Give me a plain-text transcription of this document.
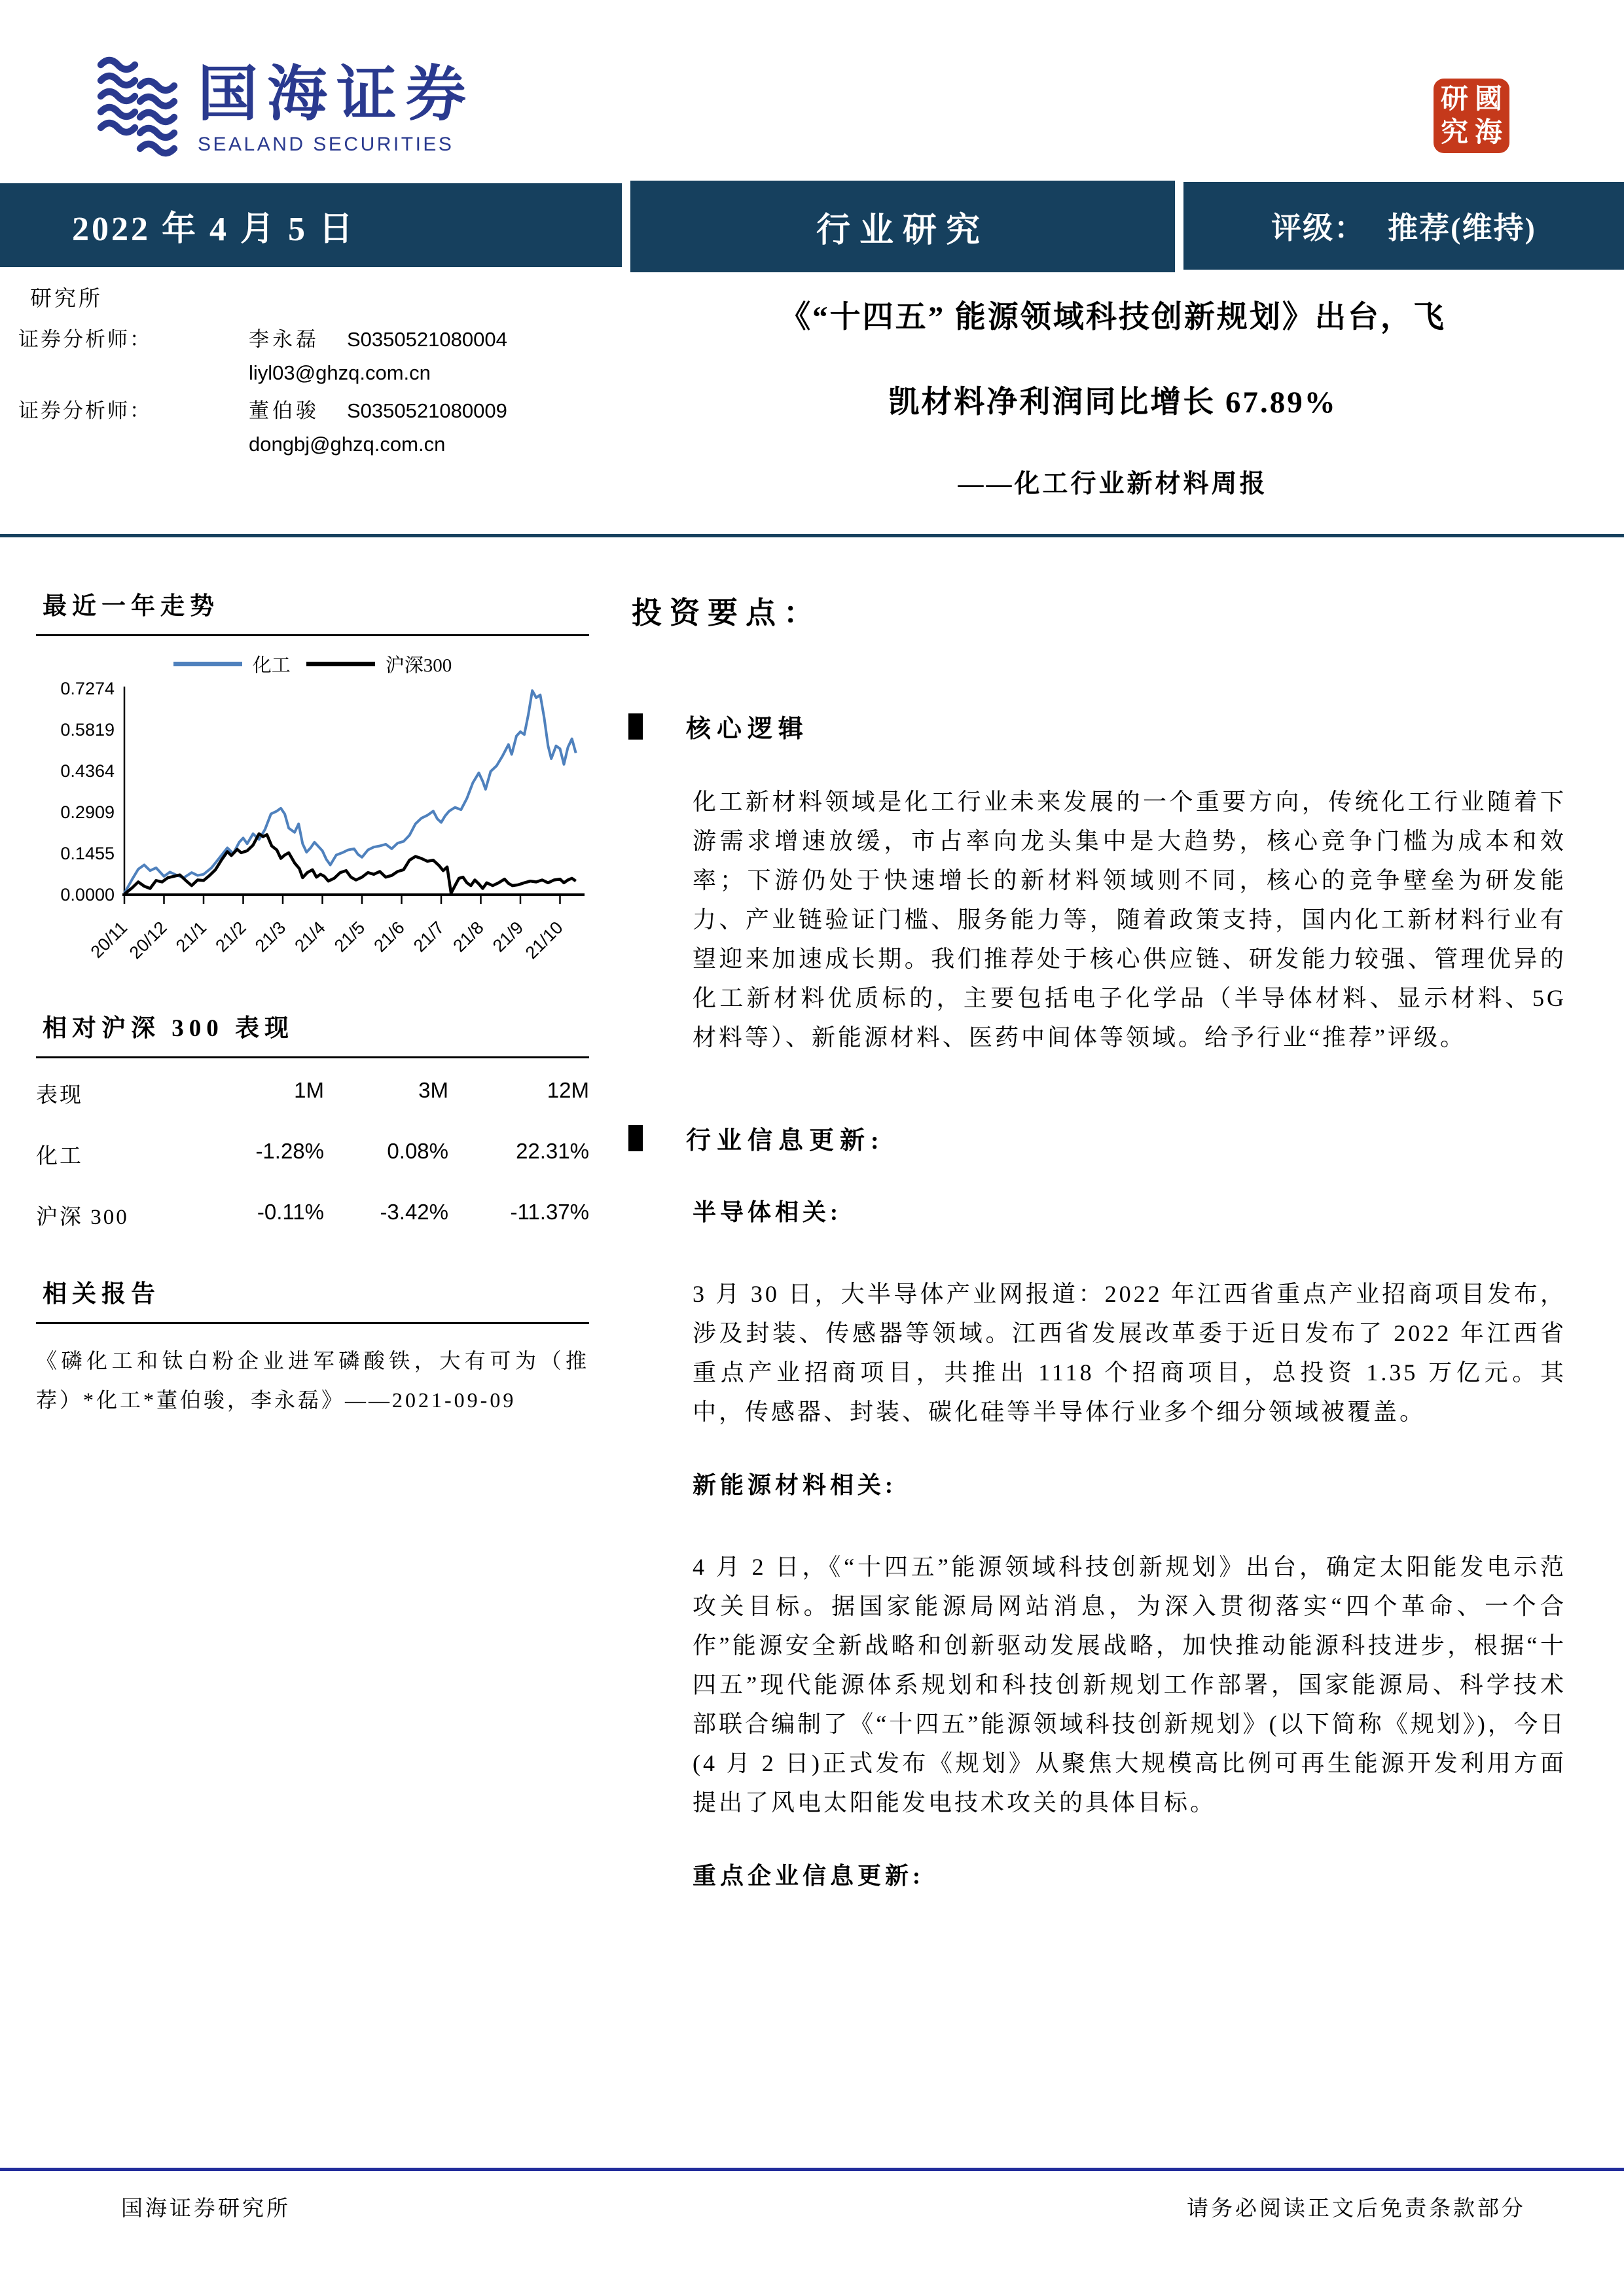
国海证券
SEALAND SECURITIES
研 國
究 海
2022 年 4 月 5 日	行业研究	评级： 推荐(维持)
研究所
证券分析师：	李永磊 S0350521080004
liyl03@ghzq.com.cn
证券分析师：	董伯骏 S0350521080009
dongbj@ghzq.com.cn
《“十四五” 能源领域科技创新规划》出台，飞
凯材料净利润同比增长 67.89%
——化工行业新材料周报
最近一年走势
化工	沪深300
0.7274
0.5819
0.4364
0.2909
0.1455
0.0000
20/11
20/12 21/1 21/2 21/3 21/4 21/5 21/6 21/7 21/8 21/9
21/10
相对沪深 300 表现
表现	1M	3M	12M
化工	-1.28%	0.08%	22.31%
沪深 300	-0.11%	-3.42%	-11.37%
相关报告
《磷化工和钛白粉企业进军磷酸铁，大有可为（推荐）*化工*董伯骏，李永磊》——2021-09-09
投资要点：
核心逻辑
化工新材料领域是化工行业未来发展的一个重要方向，传统化工行业随着下游需求增速放缓，市占率向龙头集中是大趋势，核心竞争门槛为成本和效率；下游仍处于快速增长的新材料领域则不同，核心的竞争壁垒为研发能力、产业链验证门槛、服务能力等，随着政策支持，国内化工新材料行业有望迎来加速成长期。我们推荐处于核心供应链、研发能力较强、管理优异的化工新材料优质标的，主要包括电子化学品（半导体材料、显示材料、5G 材料等）、新能源材料、医药中间体等领域。给予行业“推荐”评级。
行业信息更新:
半导体相关:
3 月 30 日，大半导体产业网报道：2022 年江西省重点产业招商项目发布，涉及封装、传感器等领域。江西省发展改革委于近日发布了 2022 年江西省重点产业招商项目，共推出 1118 个招商项目，总投资 1.35 万亿元。其中，传感器、封装、碳化硅等半导体行业多个细分领域被覆盖。
新能源材料相关:
4 月 2 日，《“十四五”能源领域科技创新规划》出台，确定太阳能发电示范攻关目标。据国家能源局网站消息，为深入贯彻落实“四个革命、一个合作”能源安全新战略和创新驱动发展战略，加快推动能源科技进步，根据“十四五”现代能源体系规划和科技创新规划工作部署，国家能源局、科学技术部联合编制了《“十四五”能源领域科技创新规划》(以下简称《规划》)，今日(4 月 2 日)正式发布《规划》从聚焦大规模高比例可再生能源开发利用方面提出了风电太阳能发电技术攻关的具体目标。
重点企业信息更新:
国海证券研究所	请务必阅读正文后免责条款部分
